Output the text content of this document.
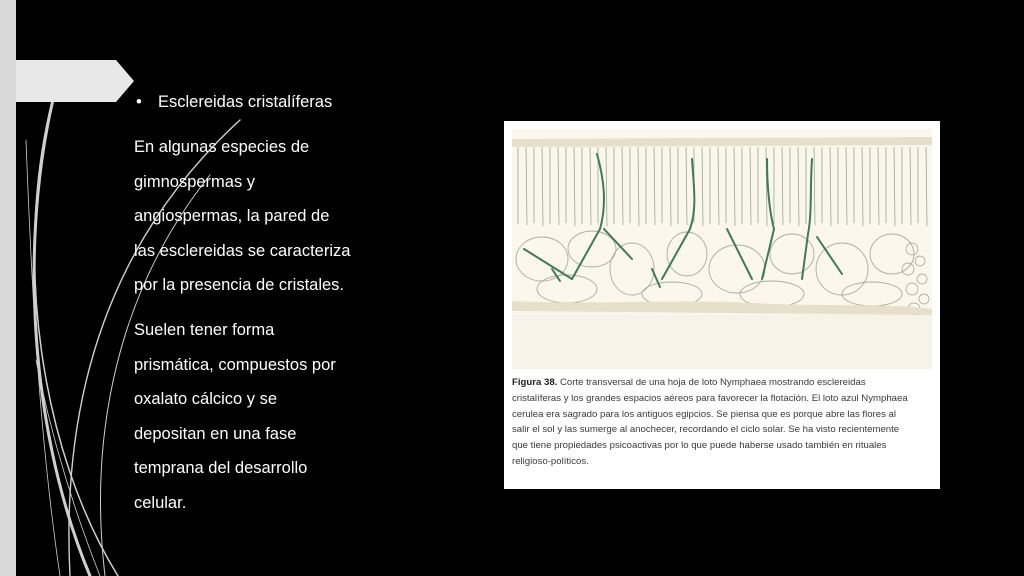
• Esclereidas cristalíferas
En algunas especies de
gimnospermas y
angiospermas, la pared de
las esclereidas se caracteriza
por la presencia de cristales.
Suelen tener forma
prismática, compuestos por
oxalato cálcico y se
depositan en una fase
temprana del desarrollo
celular.
Figura 38. Corte transversal de una hoja de loto Nymphaea mostrando esclereidas
cristalíferas y los grandes espacios aéreos para favorecer la flotación. El loto azul Nymphaea
cerulea era sagrado para los antiguos egipcios. Se piensa que es porque abre las flores al
salir el sol y las sumerge al anochecer, recordando el ciclo solar. Se ha visto recientemente
que tiene propiedades psicoactivas por lo que puede haberse usado también en rituales
religioso-políticos.
